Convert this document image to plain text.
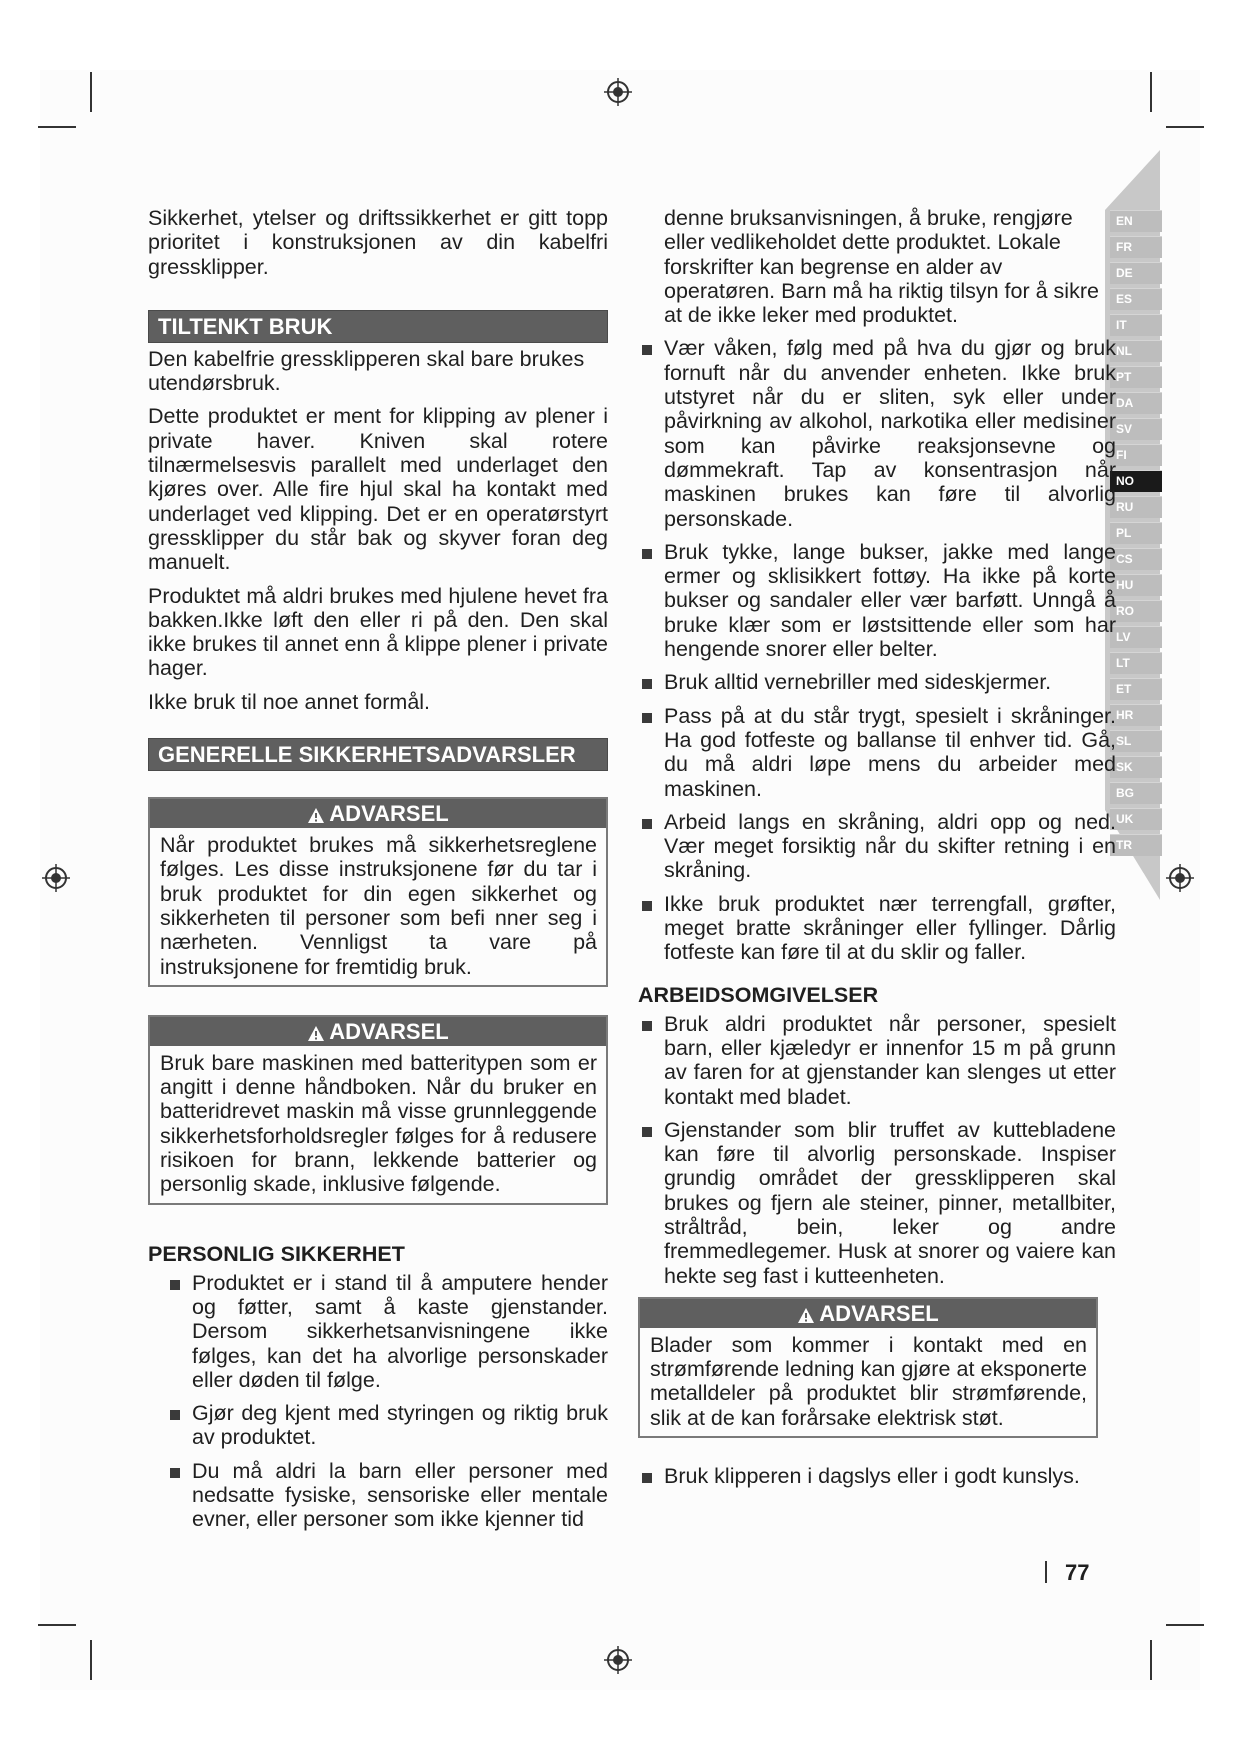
EN
FR
DE
ES
IT
NL
PT
DA
SV
FI
NO
RU
PL
CS
HU
RO
LV
LT
ET
HR
SL
SK
BG
UK
TR

Sikkerhet, ytelser og driftssikkerhet er gitt topp prioritet i konstruksjonen av din kabelfri gressklipper.

TILTENKT BRUK

Den kabelfrie gressklipperen skal bare brukes utendørsbruk.

Dette produktet er ment for klipping av plener i private haver. Kniven skal rotere tilnærmelsesvis parallelt med underlaget den kjøres over. Alle fire hjul skal ha kontakt med underlaget ved klipping. Det er en operatørstyrt gressklipper du står bak og skyver foran deg manuelt.

Produktet må aldri brukes med hjulene hevet fra bakken.Ikke løft den eller ri på den. Den skal ikke brukes til annet enn å klippe plener i private hager.

Ikke bruk til noe annet formål.

GENERELLE SIKKERHETSADVARSLER
ADVARSEL
Når produktet brukes må sikkerhetsreglene følges. Les disse instruksjonene før du tar i bruk produktet for din egen sikkerhet og sikkerheten til personer som befi nner seg i nærheten. Vennligst ta vare på instruksjonene for fremtidig bruk.
ADVARSEL
Bruk bare maskinen med batteritypen som er angitt i denne håndboken. Når du bruker en batteridrevet maskin må visse grunnleggende sikkerhetsforholdsregler følges for å redusere risikoen for brann, lekkende batterier og personlig skade, inklusive følgende.
PERSONLIG SIKKERHET
Produktet er i stand til å amputere hender og føtter, samt å kaste gjenstander. Dersom sikkerhetsanvisningene ikke følges, kan det ha alvorlige personskader eller døden til følge.
Gjør deg kjent med styringen og riktig bruk av produktet.
Du må aldri la barn eller personer med nedsatte fysiske, sensoriske eller mentale evner, eller personer som ikke kjenner tid

denne bruksanvisningen, å bruke, rengjøre eller vedlikeholdet dette produktet. Lokale forskrifter kan begrense en alder av operatøren. Barn må ha riktig tilsyn for å sikre at de ikke leker med produktet.

Vær våken, følg med på hva du gjør og bruk fornuft når du anvender enheten. Ikke bruk utstyret når du er sliten, syk eller under påvirkning av alkohol, narkotika eller medisiner som kan påvirke reaksjonsevne og dømmekraft. Tap av konsentrasjon når maskinen brukes kan føre til alvorlig personskade.
Bruk tykke, lange bukser, jakke med lange ermer og sklisikkert fottøy. Ha ikke på korte bukser og sandaler eller vær barføtt. Unngå å bruke klær som er løstsittende eller som har hengende snorer eller belter.
Bruk alltid vernebriller med sideskjermer.
Pass på at du står trygt, spesielt i skråninger. Ha god fotfeste og ballanse til enhver tid. Gå, du må aldri løpe mens du arbeider med maskinen.
Arbeid langs en skråning, aldri opp og ned. Vær meget forsiktig når du skifter retning i en skråning.
Ikke bruk produktet nær terrengfall, grøfter, meget bratte skråninger eller fyllinger. Dårlig fotfeste kan føre til at du sklir og faller.
ARBEIDSOMGIVELSER
Bruk aldri produktet når personer, spesielt barn, eller kjæledyr er innenfor 15 m på grunn av faren for at gjenstander kan slenges ut etter kontakt med bladet.
Gjenstander som blir truffet av kuttebladene kan føre til alvorlig personskade. Inspiser grundig området der gressklipperen skal brukes og fjern ale steiner, pinner, metallbiter, stråltråd, bein, leker og andre fremmedlegemer. Husk at snorer og vaiere kan hekte seg fast i kutteenheten.
ADVARSEL
Blader som kommer i kontakt med en strømførende ledning kan gjøre at eksponerte metalldeler på produktet blir strømførende, slik at de kan forårsake elektrisk støt.
Bruk klipperen i dagslys eller i godt kunslys.
77
